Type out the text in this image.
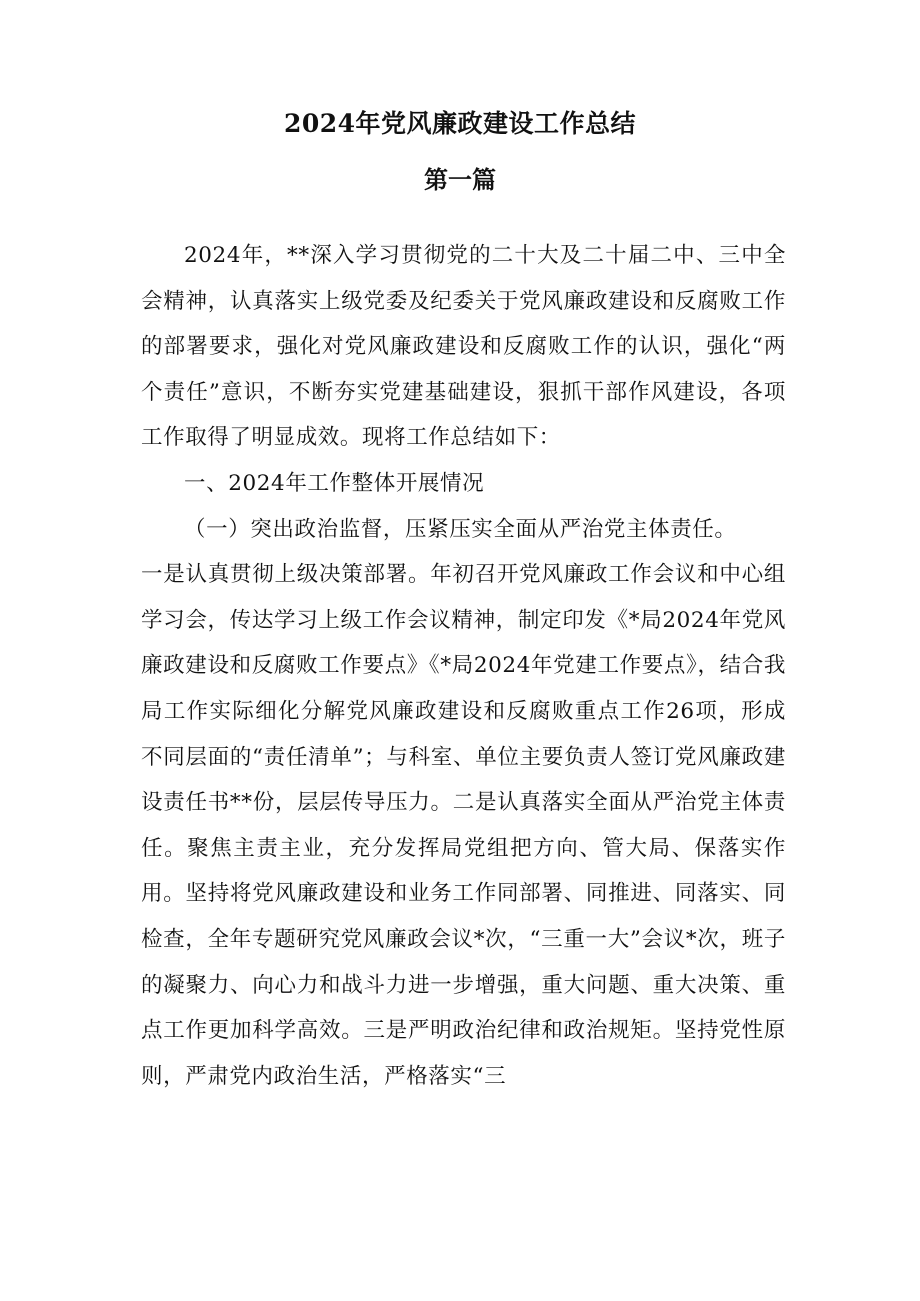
2024年党风廉政建设工作总结
第一篇

2024年，**深入学习贯彻党的二十大及二十届二中、三中全会精神，认真落实上级党委及纪委关于党风廉政建设和反腐败工作的部署要求，强化对党风廉政建设和反腐败工作的认识，强化“两个责任”意识，不断夯实党建基础建设，狠抓干部作风建设，各项工作取得了明显成效。现将工作总结如下：

一、2024年工作整体开展情况

（一）突出政治监督，压紧压实全面从严治党主体责任。

一是认真贯彻上级决策部署。年初召开党风廉政工作会议和中心组学习会，传达学习上级工作会议精神，制定印发《*局2024年党风廉政建设和反腐败工作要点》《*局2024年党建工作要点》，结合我局工作实际细化分解党风廉政建设和反腐败重点工作26项，形成不同层面的“责任清单”；与科室、单位主要负责人签订党风廉政建设责任书**份，层层传导压力。二是认真落实全面从严治党主体责任。聚焦主责主业，充分发挥局党组把方向、管大局、保落实作用。坚持将党风廉政建设和业务工作同部署、同推进、同落实、同检查，全年专题研究党风廉政会议*次，“三重一大”会议*次，班子的凝聚力、向心力和战斗力进一步增强，重大问题、重大决策、重点工作更加科学高效。三是严明政治纪律和政治规矩。坚持党性原则，严肃党内政治生活，严格落实“三
